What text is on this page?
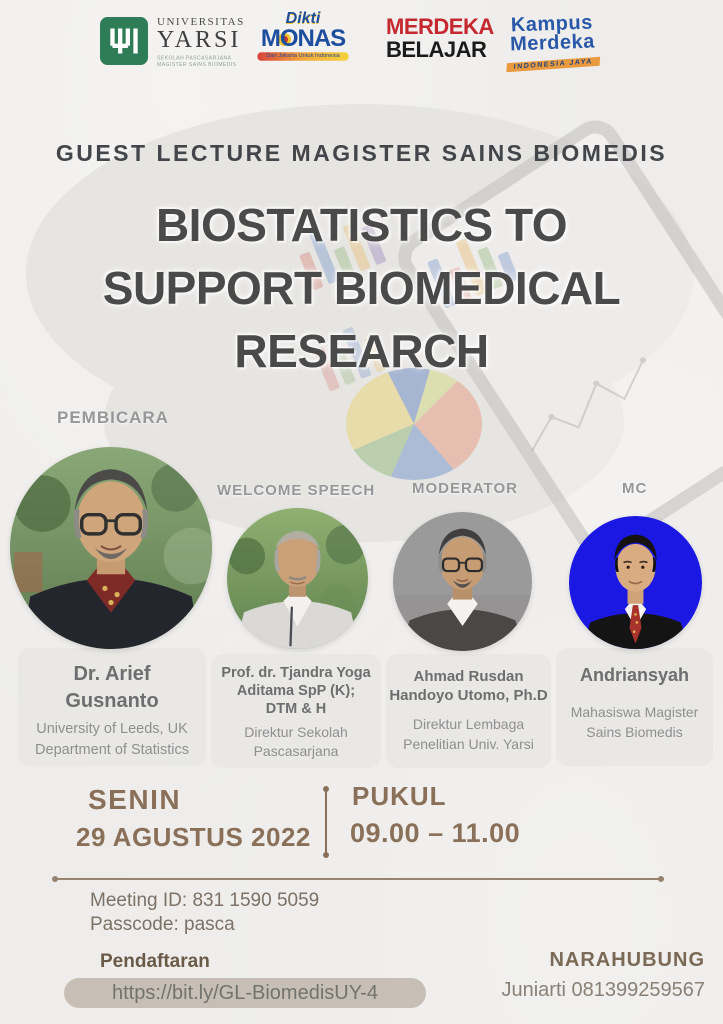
UNIVERSITAS
YARSI
SEKOLAH PASCASARJANA
MAGISTER SAINS BIOMEDIS
Dikti
MONAS
Dari Jakarta Untuk Indonesia
MERDEKA
BELAJAR
Kampus
Merdeka
INDONESIA JAYA
GUEST LECTURE MAGISTER SAINS BIOMEDIS
BIOSTATISTICS TO
SUPPORT BIOMEDICAL
RESEARCH
PEMBICARA
WELCOME SPEECH MODERATOR	MC
Dr. Arief
Gusnanto
University of Leeds, UK
Department of Statistics
Prof. dr. Tjandra Yoga
Aditama SpP (K);
DTM & H
Direktur Sekolah
Pascasarjana
Ahmad Rusdan
Handoyo Utomo, Ph.D
Direktur Lembaga
Penelitian Univ. Yarsi
Andriansyah
Mahasiswa Magister
Sains Biomedis
SENIN
29 AGUSTUS 2022
PUKUL
09.00 – 11.00
Meeting ID: 831 1590 5059
Passcode: pasca
Pendaftaran
https://bit.ly/GL-BiomedisUY-4
NARAHUBUNG
Juniarti 081399259567
